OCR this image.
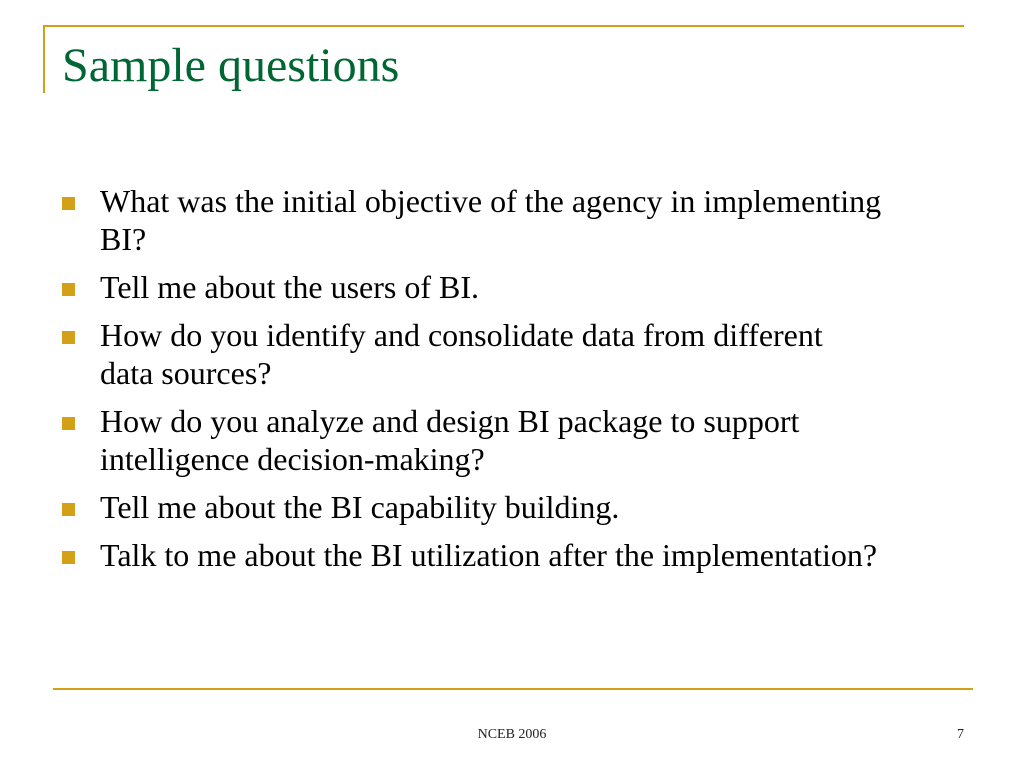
Sample questions
What was the initial objective of the agency in implementing BI?
Tell me about the users of BI.
How do you identify and consolidate data from different data sources?
How do you analyze and design BI package to support intelligence decision-making?
Tell me about the BI capability building.
Talk to me about the BI utilization after the implementation?
NCEB 2006	7
